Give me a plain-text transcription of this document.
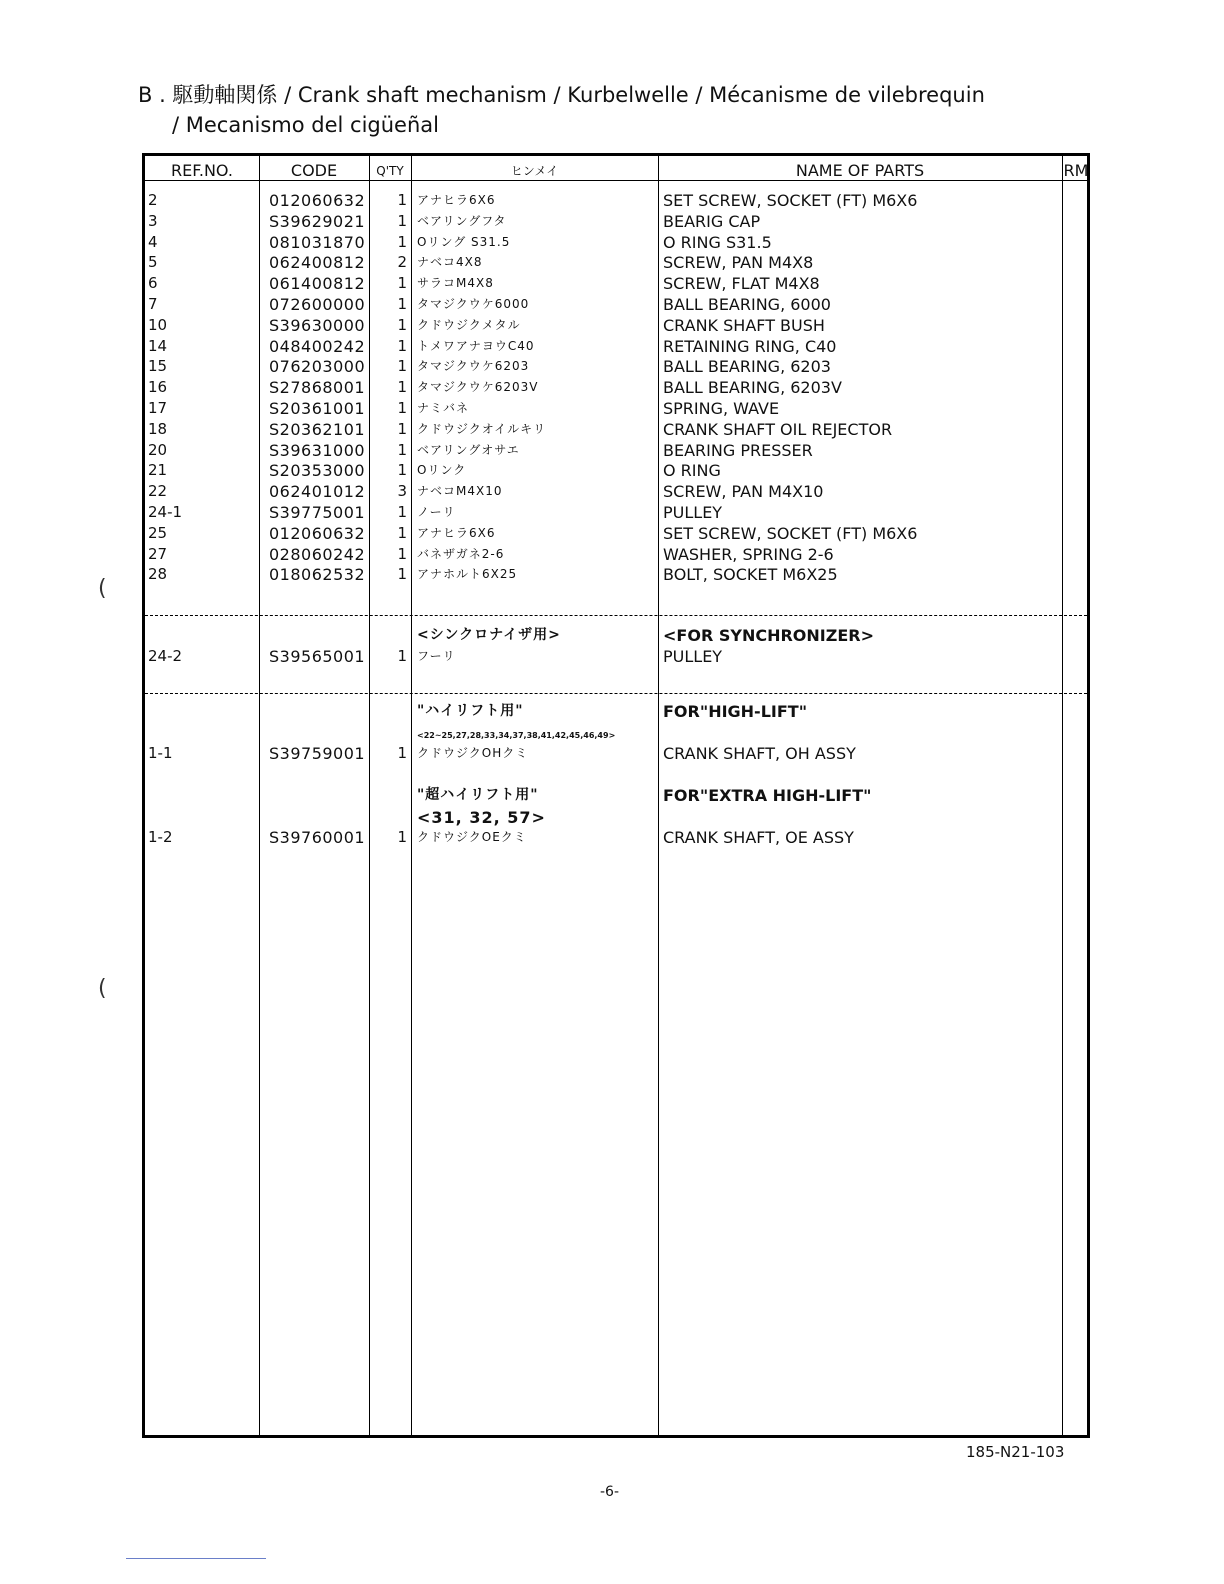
B . 駆動軸関係 / Crank shaft mechanism / Kurbelwelle / Mécanisme de vilebrequin
/ Mecanismo del cigüeñal
REF.NO.	CODE	Q'TY	ヒンメイ	NAME OF PARTS	RM
2	012060632	1 アナヒラ6X6	SET SCREW, SOCKET (FT) M6X6
3	S39629021	1 ベアリングフタ	BEARIG CAP
4	081031870	1 Oリング S31.5	O RING S31.5
5	062400812	2 ナベコ4X8	SCREW, PAN M4X8
6	061400812	1 サラコM4X8	SCREW, FLAT M4X8
7	072600000	1 タマジクウケ6000	BALL BEARING, 6000
10	S39630000	1 クドウジクメタル	CRANK SHAFT BUSH
14	048400242	1 トメワアナヨウC40	RETAINING RING, C40
15	076203000	1 タマジクウケ6203	BALL BEARING, 6203
16	S27868001	1 タマジクウケ6203V	BALL BEARING, 6203V
17	S20361001	1 ナミバネ	SPRING, WAVE
18	S20362101	1 クドウジクオイルキリ	CRANK SHAFT OIL REJECTOR
20	S39631000	1 ベアリングオサエ	BEARING PRESSER
21	S20353000	1 Oリンク	O RING
22	062401012	3 ナベコM4X10	SCREW, PAN M4X10
24-1	S39775001	1 ノーリ	PULLEY
25	012060632	1 アナヒラ6X6	SET SCREW, SOCKET (FT) M6X6
27	028060242	1 バネザガネ2-6	WASHER, SPRING 2-6
28	018062532	1 アナホルト6X25	BOLT, SOCKET M6X25
<シンクロナイザ用>	<FOR SYNCHRONIZER>
24-2	S39565001	1 フーリ	PULLEY
"ハイリフト用"	FOR"HIGH-LIFT"
<22~25,27,28,33,34,37,38,41,42,45,46,49>
1-1	S39759001	1 クドウジクOHクミ	CRANK SHAFT, OH ASSY
"超ハイリフト用"	FOR"EXTRA HIGH-LIFT"
<31, 32, 57>
1-2	S39760001	1 クドウジクOEクミ	CRANK SHAFT, OE ASSY
185-N21-103
-6-
(
(
